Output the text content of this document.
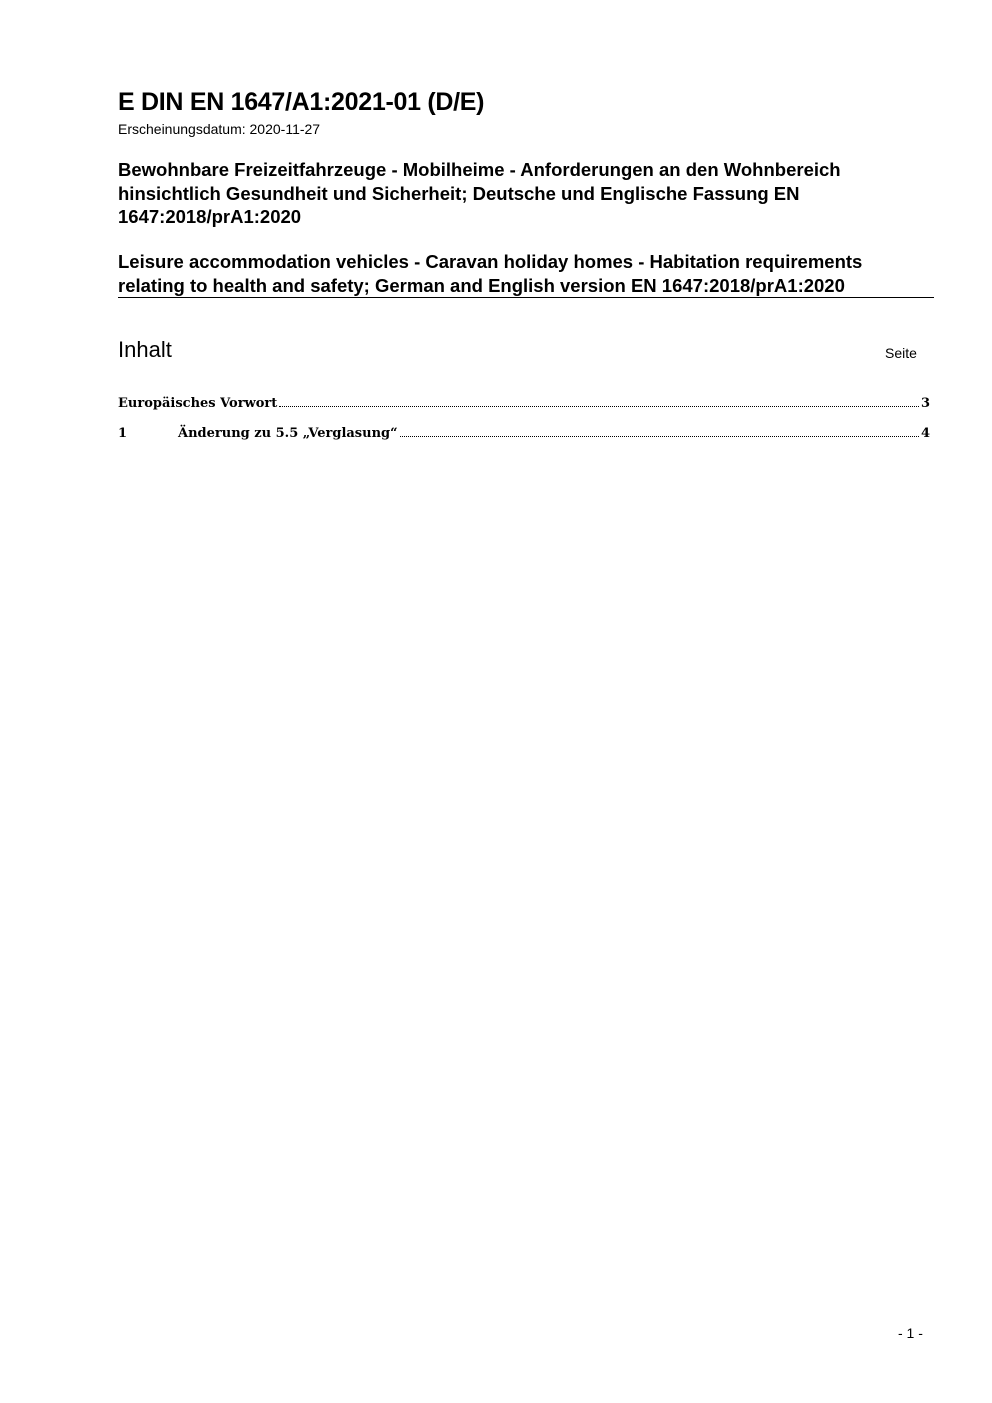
E DIN EN 1647/A1:2021-01 (D/E)
Erscheinungsdatum: 2020-11-27
Bewohnbare Freizeitfahrzeuge - Mobilheime - Anforderungen an den Wohnbereich hinsichtlich Gesundheit und Sicherheit; Deutsche und Englische Fassung EN 1647:2018/prA1:2020
Leisure accommodation vehicles - Caravan holiday homes - Habitation requirements relating to health and safety; German and English version EN 1647:2018/prA1:2020
Inhalt	Seite
Europäisches Vorwort	3
1	Änderung zu 5.5 „Verglasung“	4
- 1 -
